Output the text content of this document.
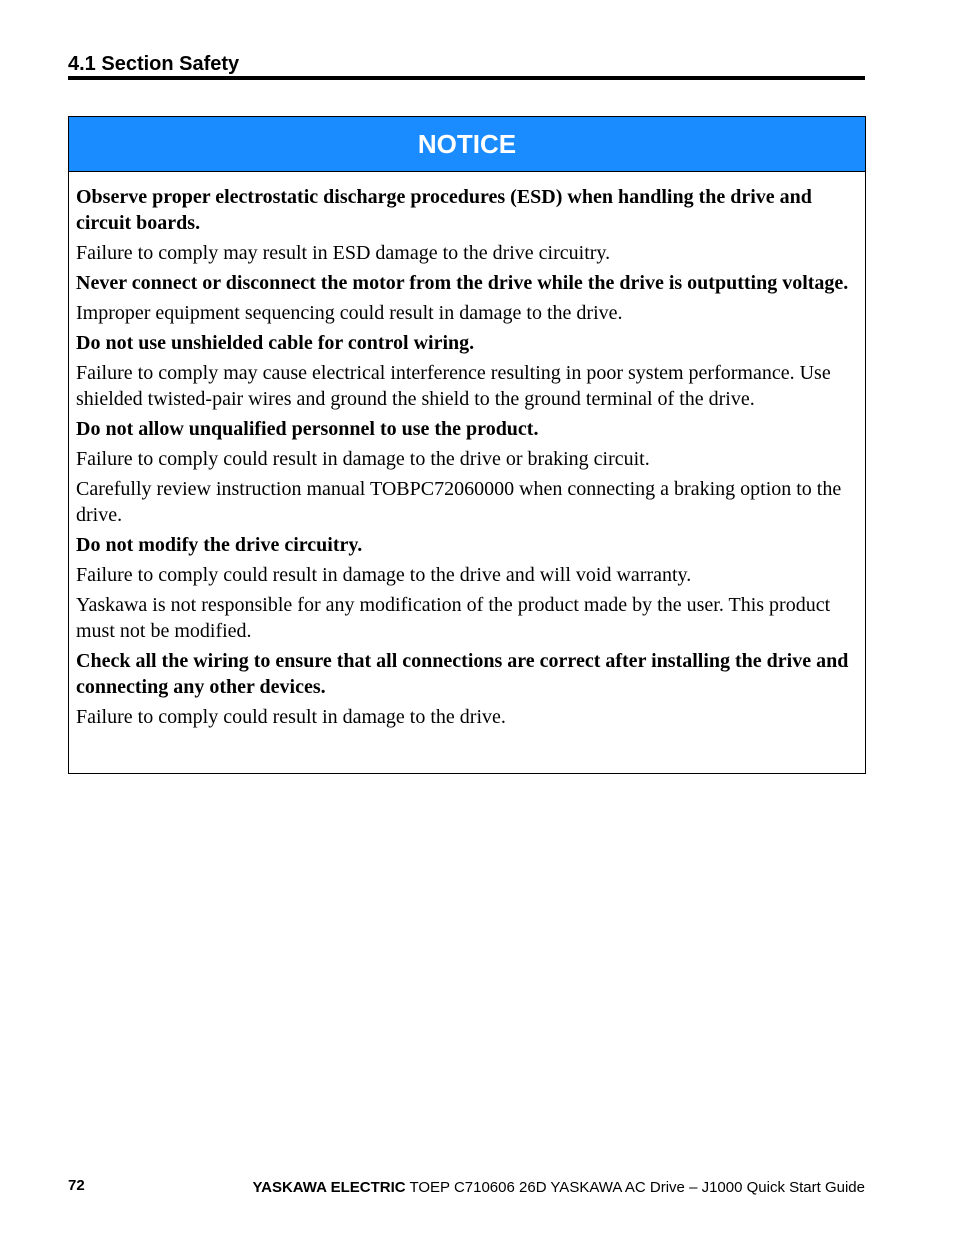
4.1 Section Safety
NOTICE

Observe proper electrostatic discharge procedures (ESD) when handling the drive and circuit boards.

Failure to comply may result in ESD damage to the drive circuitry.

Never connect or disconnect the motor from the drive while the drive is outputting voltage.

Improper equipment sequencing could result in damage to the drive.

Do not use unshielded cable for control wiring.

Failure to comply may cause electrical interference resulting in poor system performance. Use shielded twisted-pair wires and ground the shield to the ground terminal of the drive.

Do not allow unqualified personnel to use the product.

Failure to comply could result in damage to the drive or braking circuit.

Carefully review instruction manual TOBPC72060000 when connecting a braking option to the drive.

Do not modify the drive circuitry.

Failure to comply could result in damage to the drive and will void warranty.

Yaskawa is not responsible for any modification of the product made by the user. This product must not be modified.

Check all the wiring to ensure that all connections are correct after installing the drive and connecting any other devices.

Failure to comply could result in damage to the drive.

72	YASKAWA ELECTRIC TOEP C710606 26D YASKAWA AC Drive – J1000 Quick Start Guide
